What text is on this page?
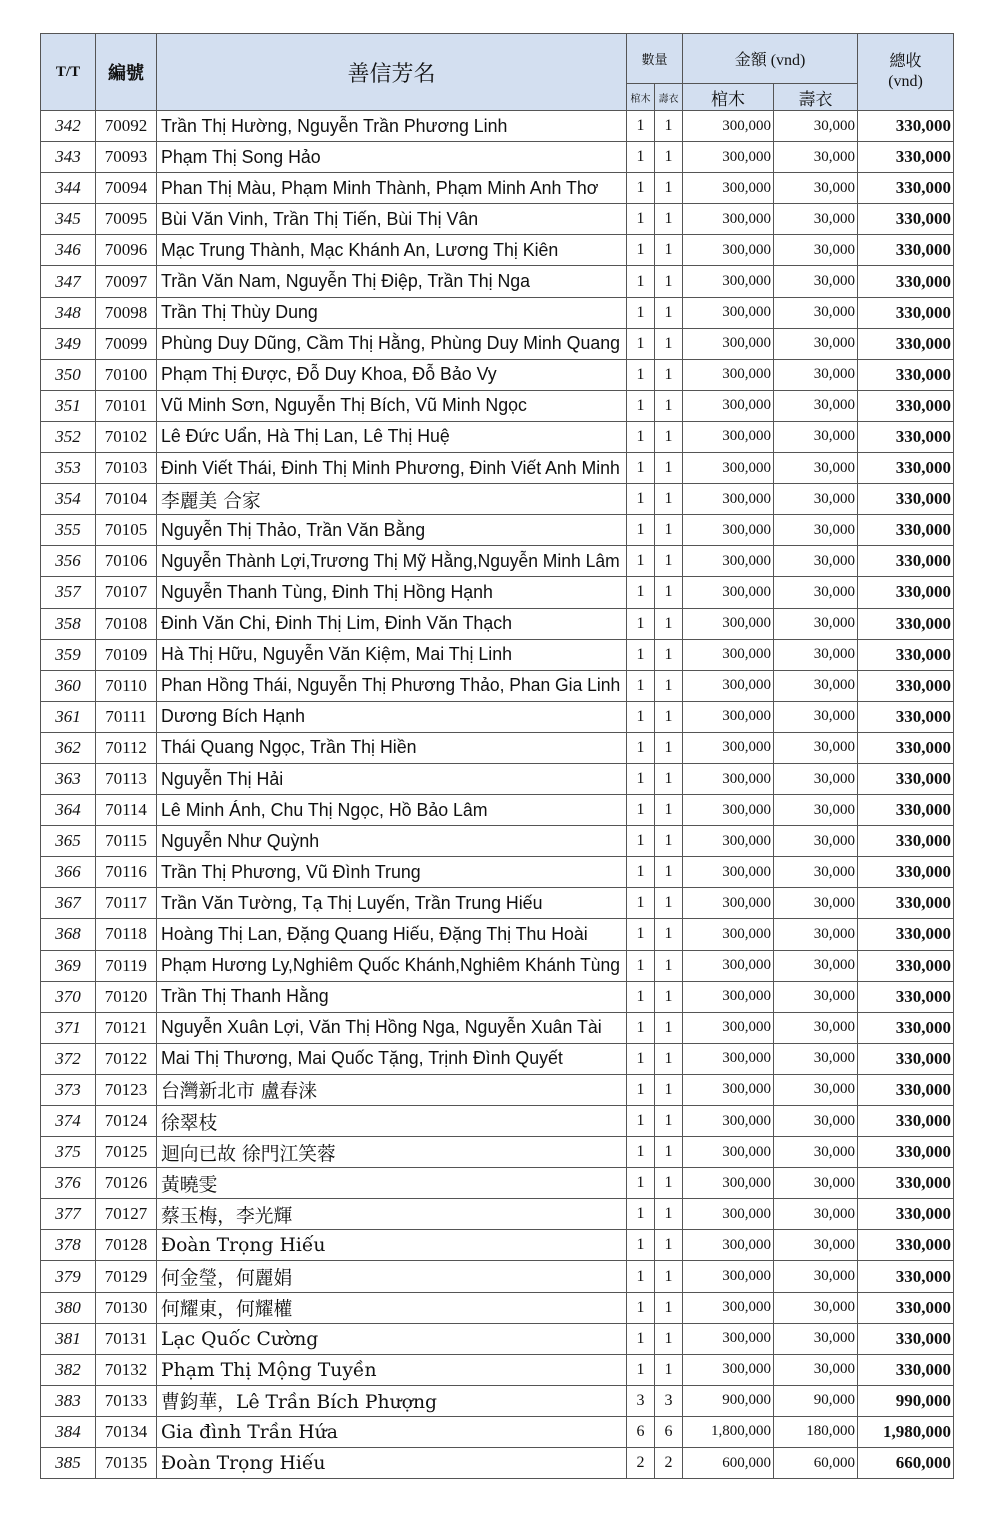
T/T	編號	善信芳名	數量		金額 (vnd)		總收
(vnd)

			棺木	壽衣	棺木	壽衣	
342	70092	Trần Thị Hường, Nguyễn Trần Phương Linh	1	1	300,000	30,000	330,000
343	70093	Phạm Thị Song Hảo	1	1	300,000	30,000	330,000
344	70094	Phan Thị Màu, Phạm Minh Thành, Phạm Minh Anh Thơ	1	1	300,000	30,000	330,000
345	70095	Bùi Văn Vinh, Trần Thị Tiến, Bùi Thị Vân	1	1	300,000	30,000	330,000
346	70096	Mạc Trung Thành, Mạc Khánh An, Lương Thị Kiên	1	1	300,000	30,000	330,000
347	70097	Trần Văn Nam, Nguyễn Thị Điệp, Trần Thị Nga	1	1	300,000	30,000	330,000
348	70098	Trần Thị Thùy Dung	1	1	300,000	30,000	330,000
349	70099	Phùng Duy Dũng, Cầm Thị Hằng, Phùng Duy Minh Quang	1	1	300,000	30,000	330,000
350	70100	Phạm Thị Được, Đỗ Duy Khoa, Đỗ Bảo Vy	1	1	300,000	30,000	330,000
351	70101	Vũ Minh Sơn, Nguyễn Thị Bích, Vũ Minh Ngọc	1	1	300,000	30,000	330,000
352	70102	Lê Đức Uẩn, Hà Thị Lan, Lê Thị Huệ	1	1	300,000	30,000	330,000
353	70103	Đinh Viết Thái, Đinh Thị Minh Phương, Đinh Viết Anh Minh	1	1	300,000	30,000	330,000
354	70104	李麗美 合家	1	1	300,000	30,000	330,000
355	70105	Nguyễn Thị Thảo, Trần Văn Bằng	1	1	300,000	30,000	330,000
356	70106	Nguyễn Thành Lợi,Trương Thị Mỹ Hằng,Nguyễn Minh Lâm	1	1	300,000	30,000	330,000
357	70107	Nguyễn Thanh Tùng, Đinh Thị Hồng Hạnh	1	1	300,000	30,000	330,000
358	70108	Đinh Văn Chi, Đinh Thị Lim, Đinh Văn Thạch	1	1	300,000	30,000	330,000
359	70109	Hà Thị Hữu, Nguyễn Văn Kiệm, Mai Thị Linh	1	1	300,000	30,000	330,000
360	70110	Phan Hồng Thái, Nguyễn Thị Phương Thảo, Phan Gia Linh	1	1	300,000	30,000	330,000
361	70111	Dương Bích Hạnh	1	1	300,000	30,000	330,000
362	70112	Thái Quang Ngọc, Trần Thị Hiền	1	1	300,000	30,000	330,000
363	70113	Nguyễn Thị Hải	1	1	300,000	30,000	330,000
364	70114	Lê Minh Ánh, Chu Thị Ngọc, Hồ Bảo Lâm	1	1	300,000	30,000	330,000
365	70115	Nguyễn Như Quỳnh	1	1	300,000	30,000	330,000
366	70116	Trần Thị Phương, Vũ Đình Trung	1	1	300,000	30,000	330,000
367	70117	Trần Văn Tường, Tạ Thị Luyến, Trần Trung Hiếu	1	1	300,000	30,000	330,000
368	70118	Hoàng Thị Lan, Đặng Quang Hiếu, Đặng Thị Thu Hoài	1	1	300,000	30,000	330,000
369	70119	Phạm Hương Ly,Nghiêm Quốc Khánh,Nghiêm Khánh Tùng	1	1	300,000	30,000	330,000
370	70120	Trần Thị Thanh Hằng	1	1	300,000	30,000	330,000
371	70121	Nguyễn Xuân Lợi, Văn Thị Hồng Nga, Nguyễn Xuân Tài	1	1	300,000	30,000	330,000
372	70122	Mai Thị Thương, Mai Quốc Tặng, Trịnh Đình Quyết	1	1	300,000	30,000	330,000
373	70123	台灣新北市 盧春涞	1	1	300,000	30,000	330,000
374	70124	徐翠枝	1	1	300,000	30,000	330,000
375	70125	迴向已故 徐門江笑蓉	1	1	300,000	30,000	330,000
376	70126	黃曉雯	1	1	300,000	30,000	330,000
377	70127	蔡玉梅，李光輝	1	1	300,000	30,000	330,000
378	70128	Đoàn Trọng Hiếu	1	1	300,000	30,000	330,000
379	70129	何金瑩，何麗娟	1	1	300,000	30,000	330,000
380	70130	何耀東，何耀權	1	1	300,000	30,000	330,000
381	70131	Lạc Quốc Cường	1	1	300,000	30,000	330,000
382	70132	Phạm Thị Mộng Tuyền	1	1	300,000	30,000	330,000
383	70133	曹鈞華，Lê Trần Bích Phượng	3	3	900,000	90,000	990,000
384	70134	Gia đình Trần Hứa	6	6	1,800,000	180,000	1,980,000
385	70135	Đoàn Trọng Hiếu	2	2	600,000	60,000	660,000
